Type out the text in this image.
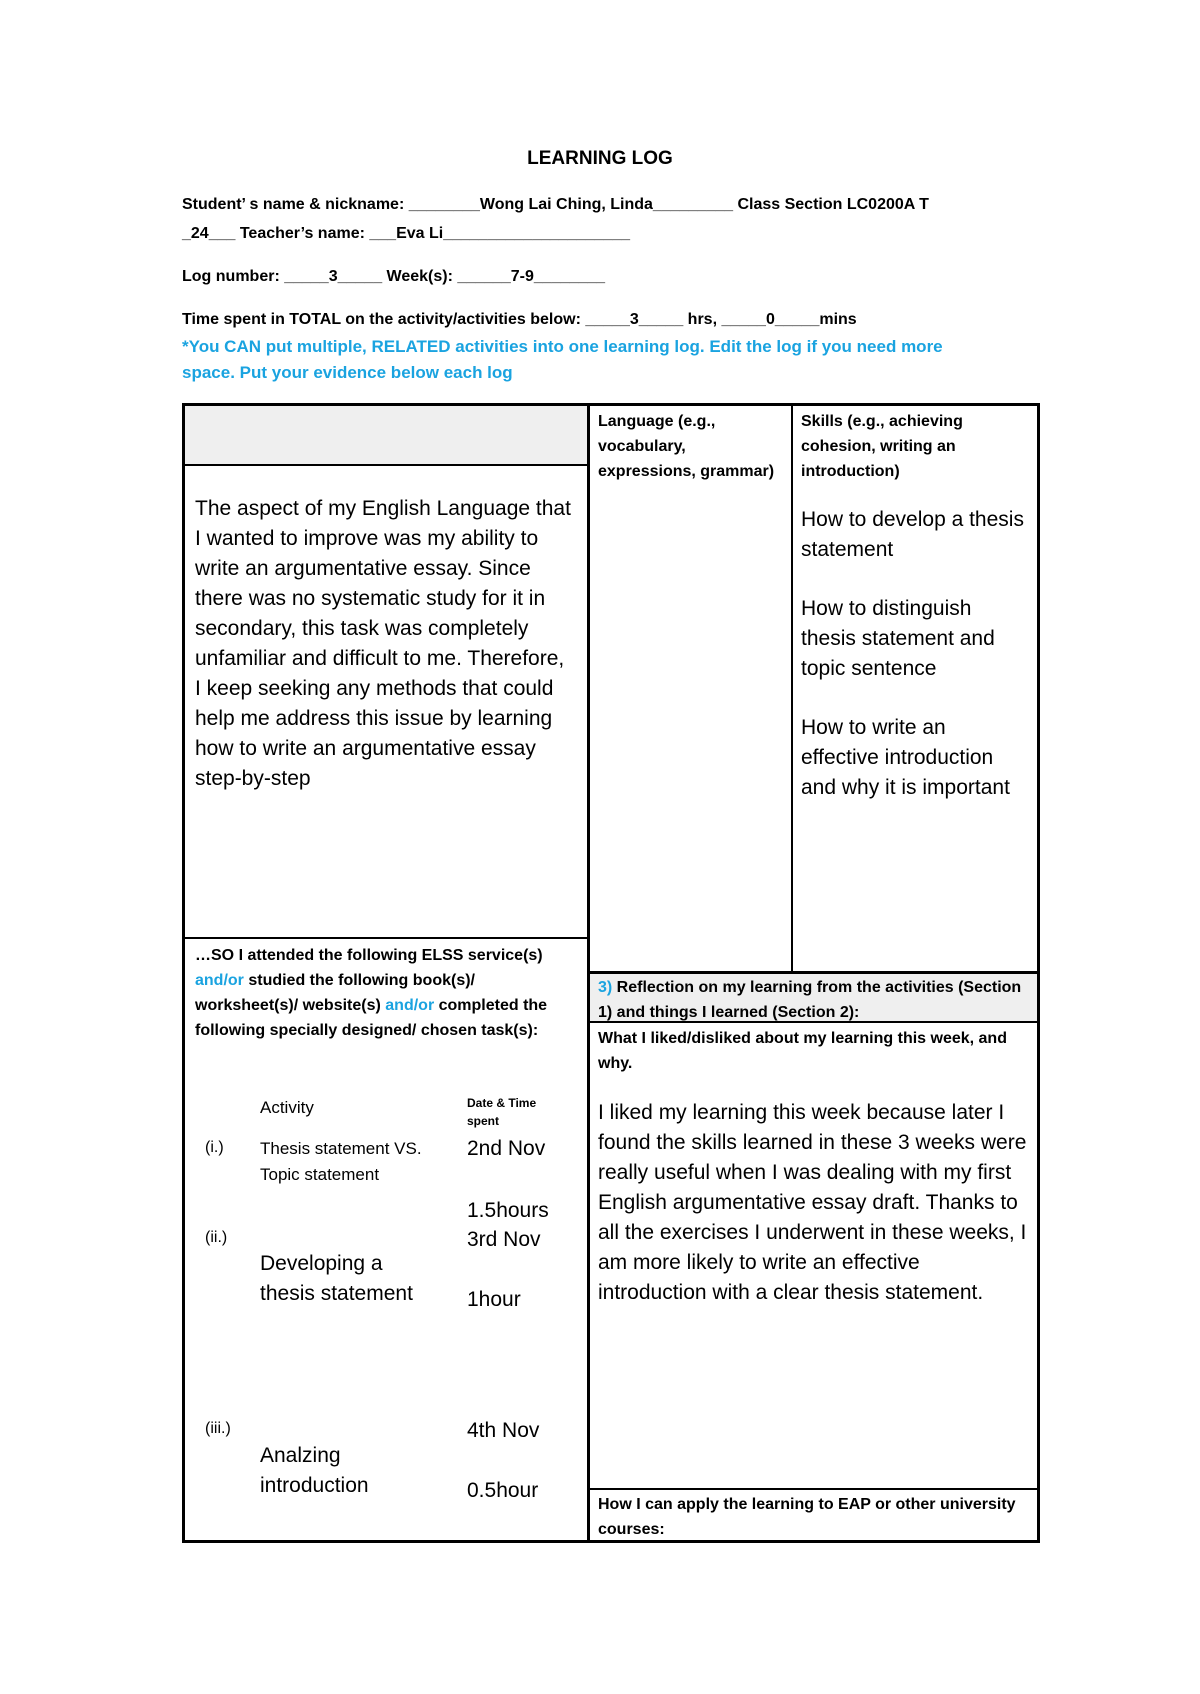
LEARNING LOG
Student’ s name & nickname: ________Wong Lai Ching, Linda_________ Class Section LC0200A T
_24___ Teacher’s name: ___Eva Li_____________________
Log number: _____3_____ Week(s): ______7-9________
Time spent in TOTAL on the activity/activities below: _____3_____ hrs, _____0_____mins
*You CAN put multiple, RELATED activities into one learning log. Edit the log if you need more space. Put your evidence below each log
The aspect of my English Language that I wanted to improve was my ability to write an argumentative essay. Since there was no systematic study for it in secondary, this task was completely unfamiliar and difficult to me. Therefore, I keep seeking any methods that could help me address this issue by learning how to write an argumentative essay step-by-step
Language (e.g., vocabulary, expressions, grammar)
Skills (e.g., achieving cohesion, writing an introduction)
How to develop a thesis statement
How to distinguish thesis statement and topic sentence
How to write an effective introduction and why it is important
…SO I attended the following ELSS service(s) and/or studied the following book(s)/ worksheet(s)/ website(s) and/or completed the following specially designed/ chosen task(s):
Activity	Date & Time spent
(i.) Thesis statement VS. Topic statement
2nd Nov
1.5hours
(ii.)
Developing a thesis statement
3rd Nov
1hour
(iii.)
Analzing introduction
4th Nov
0.5hour
3) Reflection on my learning from the activities (Section 1) and things I learned (Section 2):
What I liked/disliked about my learning this week, and why.
I liked my learning this week because later I found the skills learned in these 3 weeks were really useful when I was dealing with my first English argumentative essay draft. Thanks to all the exercises I underwent in these weeks, I am more likely to write an effective introduction with a clear thesis statement.
How I can apply the learning to EAP or other university courses:
